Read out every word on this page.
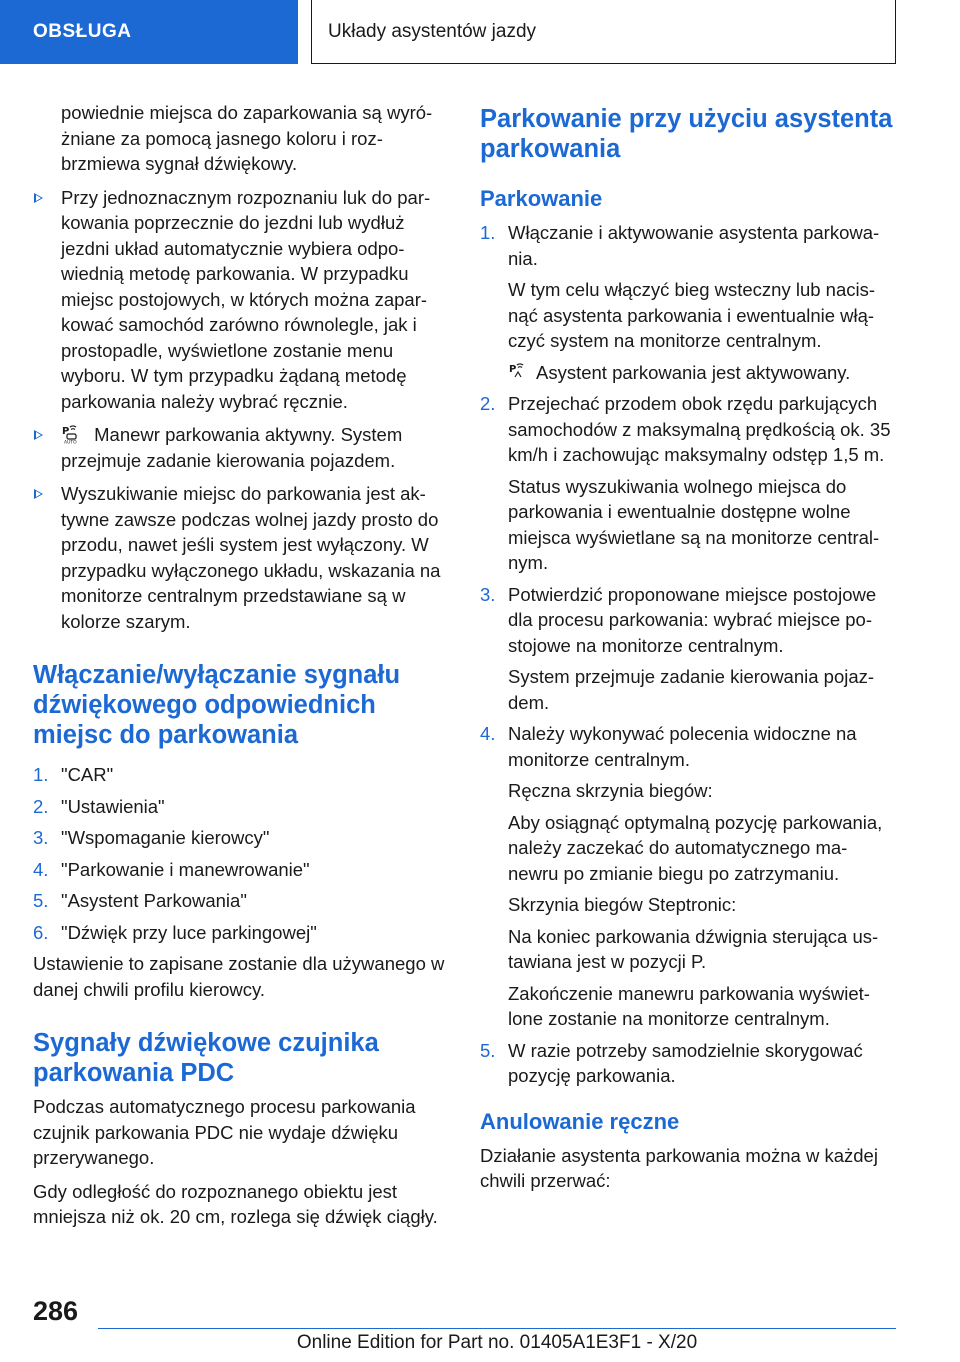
OBSŁUGA	Układy asystentów jazdy

powiednie miejsca do zaparkowania są wyró‐żniane za pomocą jasnego koloru i roz‐brzmiewa sygnał dźwiękowy.

Przy jednoznacznym rozpoznaniu luk do par‐kowania poprzecznie do jezdni lub wydłuż jezdni układ automatycznie wybiera odpo‐wiednią metodę parkowania. W przypadku miejsc postojowych, w których można zapar‐kować samochód zarówno równolegle, jak i prostopadle, wyświetlone zostanie menu wyboru. W tym przypadku żądaną metodę parkowania należy wybrać ręcznie.
P
AUTO Manewr parkowania aktywny. System przejmuje zadanie kierowania pojazdem.
Wyszukiwanie miejsc do parkowania jest ak‐tywne zawsze podczas wolnej jazdy prosto do przodu, nawet jeśli system jest wyłączony. W przypadku wyłączonego układu, wskazania na monitorze centralnym przedstawiane są w kolorze szarym.
Włączanie/wyłączanie sygnału dźwiękowego odpowiednich miejsc do parkowania
1. "CAR"
2. "Ustawienia"
3. "Wspomaganie kierowcy"
4. "Parkowanie i manewrowanie"
5. "Asystent Parkowania"
6. "Dźwięk przy luce parkingowej"

Ustawienie to zapisane zostanie dla używanego w danej chwili profilu kierowcy.

Sygnały dźwiękowe czujnika parkowania PDC

Podczas automatycznego procesu parkowania czujnik parkowania PDC nie wydaje dźwięku przerywanego.

Gdy odległość do rozpoznanego obiektu jest mniejsza niż ok. 20 cm, rozlega się dźwięk ciągły.

Parkowanie przy użyciu asystenta parkowania
Parkowanie
1. Włączanie i aktywowanie asystenta parkowa‐nia.

W tym celu włączyć bieg wsteczny lub nacis‐nąć asystenta parkowania i ewentualnie włą‐czyć system na monitorze centralnym.

P Asystent parkowania jest aktywowany.

2. Przejechać przodem obok rzędu parkujących samochodów z maksymalną prędkością ok. 35 km/h i zachowując maksymalny odstęp 1,5 m.

Status wyszukiwania wolnego miejsca do parkowania i ewentualnie dostępne wolne miejsca wyświetlane są na monitorze central‐nym.

3. Potwierdzić proponowane miejsce postojowe dla procesu parkowania: wybrać miejsce po‐stojowe na monitorze centralnym.

System przejmuje zadanie kierowania pojaz‐dem.

4. Należy wykonywać polecenia widoczne na monitorze centralnym.

Ręczna skrzynia biegów:

Aby osiągnąć optymalną pozycję parkowania, należy zaczekać do automatycznego ma‐newru po zmianie biegu po zatrzymaniu.

Skrzynia biegów Steptronic:

Na koniec parkowania dźwignia sterująca us‐tawiana jest w pozycji P.

Zakończenie manewru parkowania wyświet‐lone zostanie na monitorze centralnym.

5. W razie potrzeby samodzielnie skorygować pozycję parkowania.

Anulowanie ręczne

Działanie asystenta parkowania można w każdej chwili przerwać:

286
Online Edition for Part no. 01405A1E3F1 - X/20
